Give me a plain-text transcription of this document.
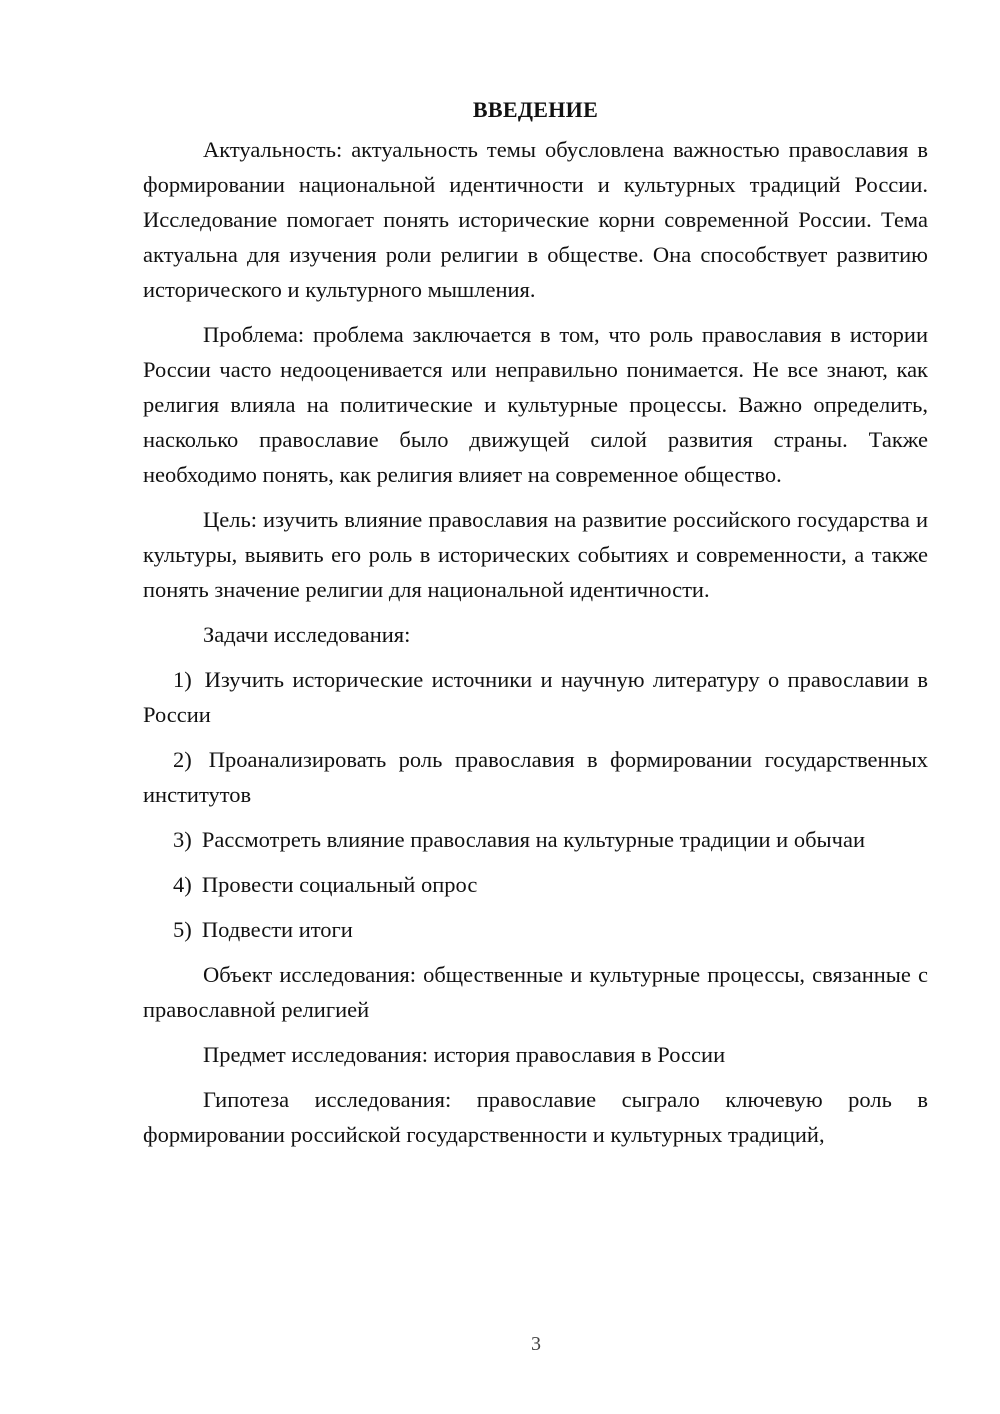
ВВЕДЕНИЕ

Актуальность: актуальность темы обусловлена важностью православия в формировании национальной идентичности и культурных традиций России. Исследование помогает понять исторические корни современной России. Тема актуальна для изучения роли религии в обществе. Она способствует развитию исторического и культурного мышления.

Проблема: проблема заключается в том, что роль православия в истории России часто недооценивается или неправильно понимается. Не все знают, как религия влияла на политические и культурные процессы. Важно определить, насколько православие было движущей силой развития страны. Также необходимо понять, как религия влияет на современное общество.

Цель: изучить влияние православия на развитие российского государства и культуры, выявить его роль в исторических событиях и современности, а также понять значение религии для национальной идентичности.

Задачи исследования:

1) Изучить исторические источники и научную литературу о православии в России

2) Проанализировать роль православия в формировании государственных институтов

3) Рассмотреть влияние православия на культурные традиции и обычаи

4) Провести социальный опрос

5) Подвести итоги

Объект исследования: общественные и культурные процессы, связанные с православной религией

Предмет исследования: история православия в России

Гипотеза исследования: православие сыграло ключевую роль в формировании российской государственности и культурных традиций,

3
